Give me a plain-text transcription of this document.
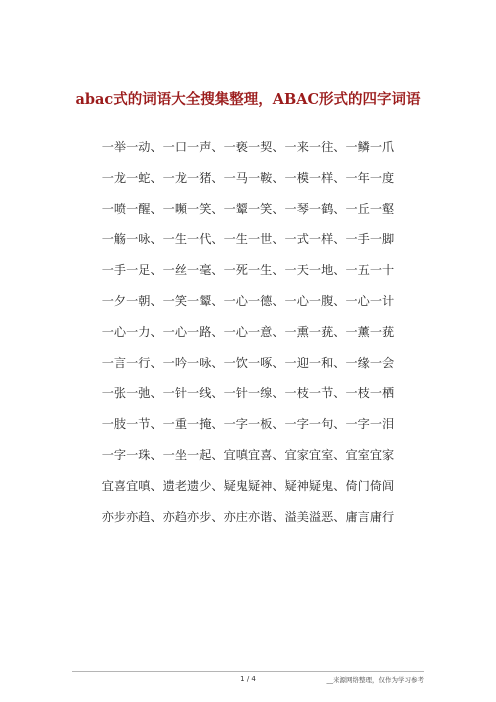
abac式的词语大全搜集整理，ABAC形式的四字词语
一举一动、一口一声、一亵一契、一来一往、一鳞一爪
一龙一蛇、一龙一猪、一马一鞍、一模一样、一年一度
一喷一醒、一嚬一笑、一颦一笑、一琴一鹤、一丘一壑
一觞一咏、一生一代、一生一世、一式一样、一手一脚
一手一足、一丝一毫、一死一生、一天一地、一五一十
一夕一朝、一笑一颦、一心一德、一心一腹、一心一计
一心一力、一心一路、一心一意、一熏一莸、一薰一莸
一言一行、一吟一咏、一饮一啄、一迎一和、一缘一会
一张一弛、一针一线、一针一缐、一枝一节、一枝一栖
一肢一节、一重一掩、一字一板、一字一句、一字一泪
一字一珠、一坐一起、宜嗔宜喜、宜家宜室、宜室宜家
宜喜宜嗔、遗老遗少、疑鬼疑神、疑神疑鬼、倚门倚闾
亦步亦趋、亦趋亦步、亦庄亦谐、溢美溢恶、庸言庸行
1 / 4	__来源网络整理，仅作为学习参考
